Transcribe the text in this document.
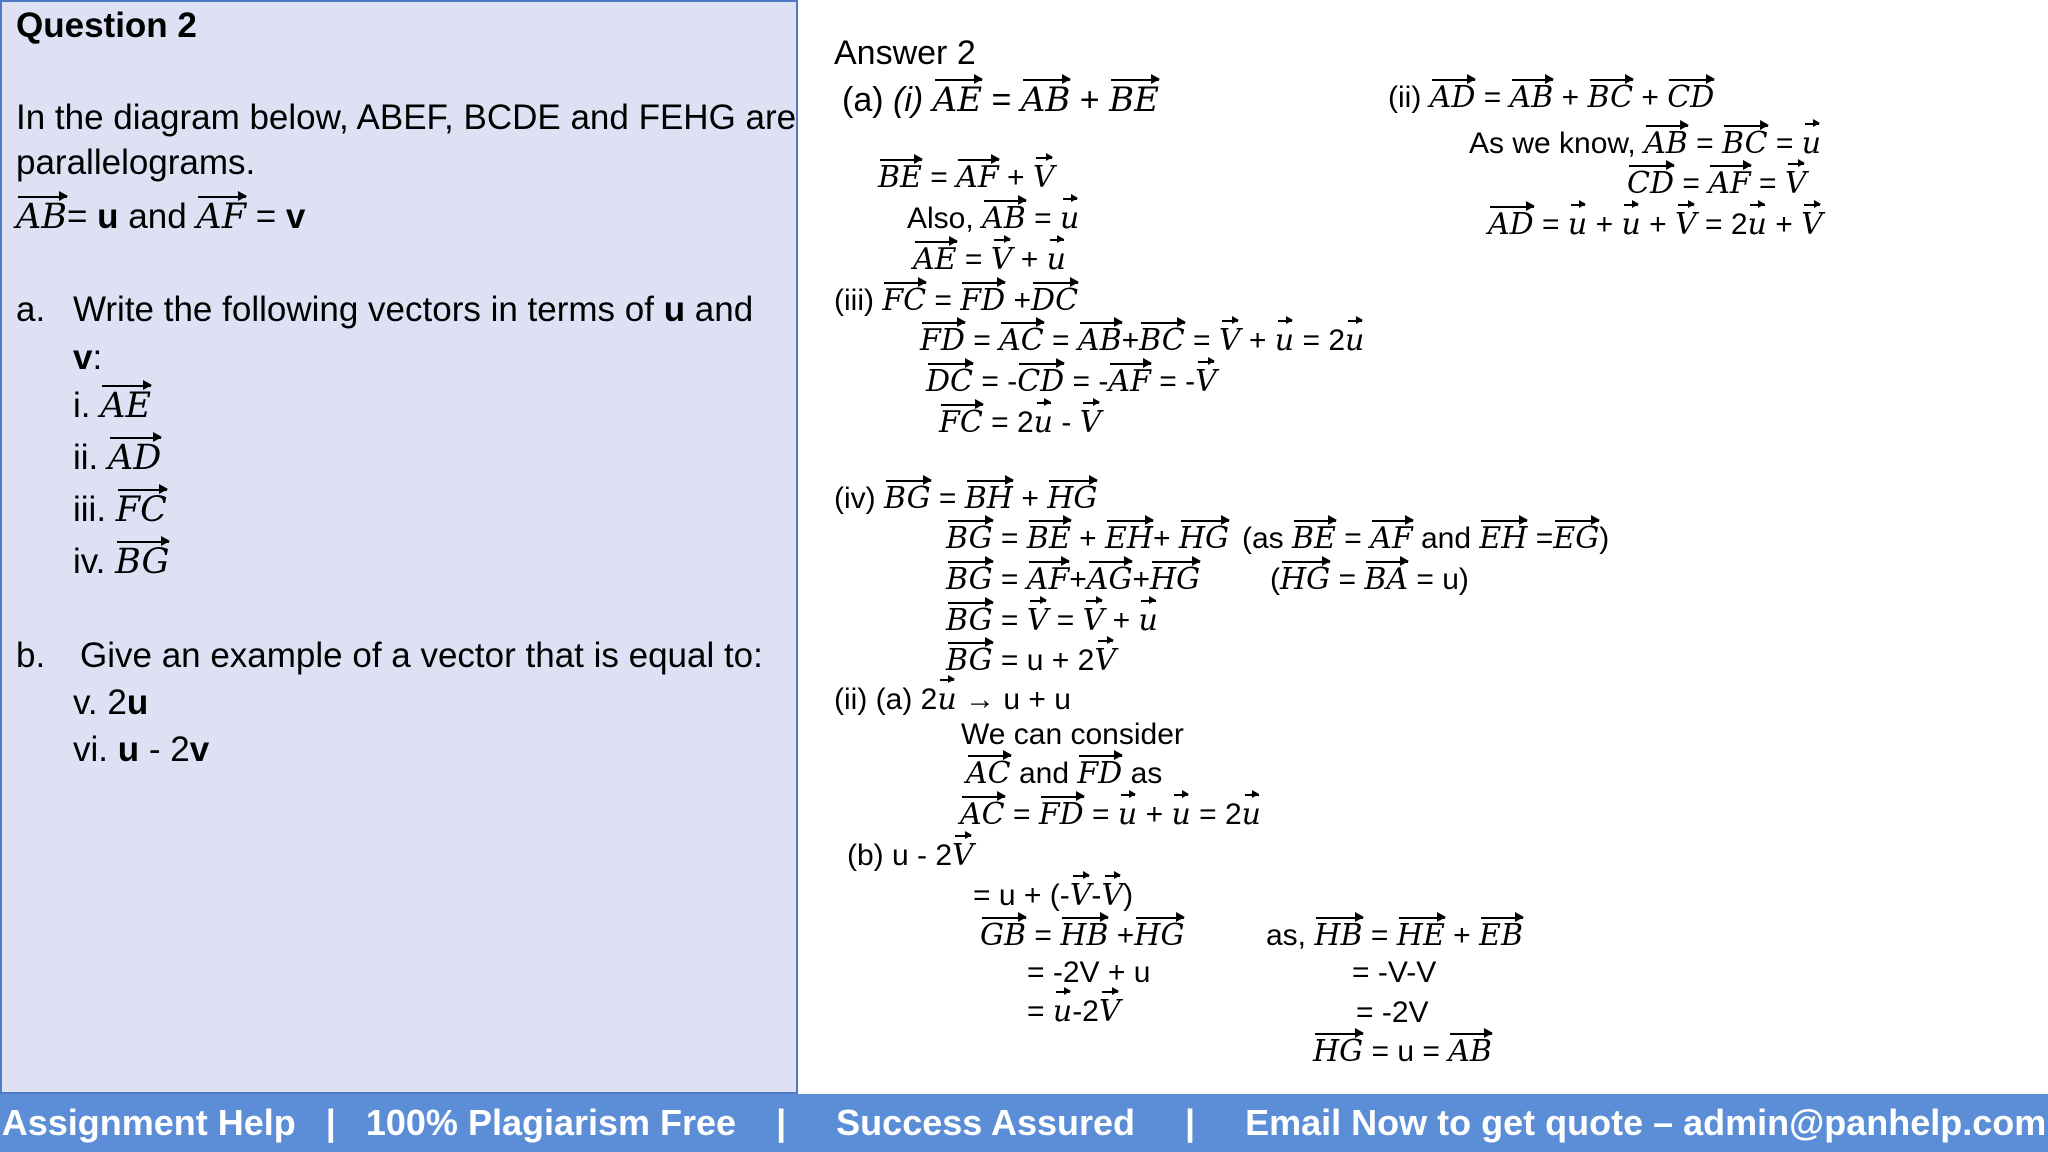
Question 2
In the diagram below, ABEF, BCDE and FEHG are
parallelograms.
AB= u and AF = v
a. Write the following vectors in terms of u and
v:
i. AE
ii. AD
iii. FC
iv. BG
b. Give an example of a vector that is equal to:
v. 2u
vi. u - 2v
Answer 2
(a) (i) AE = AB + BE
BE = AF + V
Also, AB = u
AE = V + u
(iii) FC = FD +DC
FD = AC = AB+BC = V + u = 2u
DC = -CD = -AF = -V
FC = 2u - V
(iv) BG = BH + HG
BG = BE + EH+ HG
BG = AF+AG+HG
BG = V = V + u
BG = u + 2V
(ii) (a) 2u → u + u
We can consider
AC and FD as
AC = FD = u + u = 2u
(b) u - 2V
= u + (-V-V)
GB = HB +HG
= -2V + u
= u-2V
(ii) AD = AB + BC + CD
As we know, AB = BC = u
CD = AF = V
AD = u + u + V = 2u + V
(as BE = AF and EH =EG)
(HG = BA = u)
as, HB = HE + EB
= -V-V
= -2V
HG = u = AB
Assignment Help   |   100% Plagiarism Free    |     Success Assured     |     Email Now to get quote – admin@panhelp.com
